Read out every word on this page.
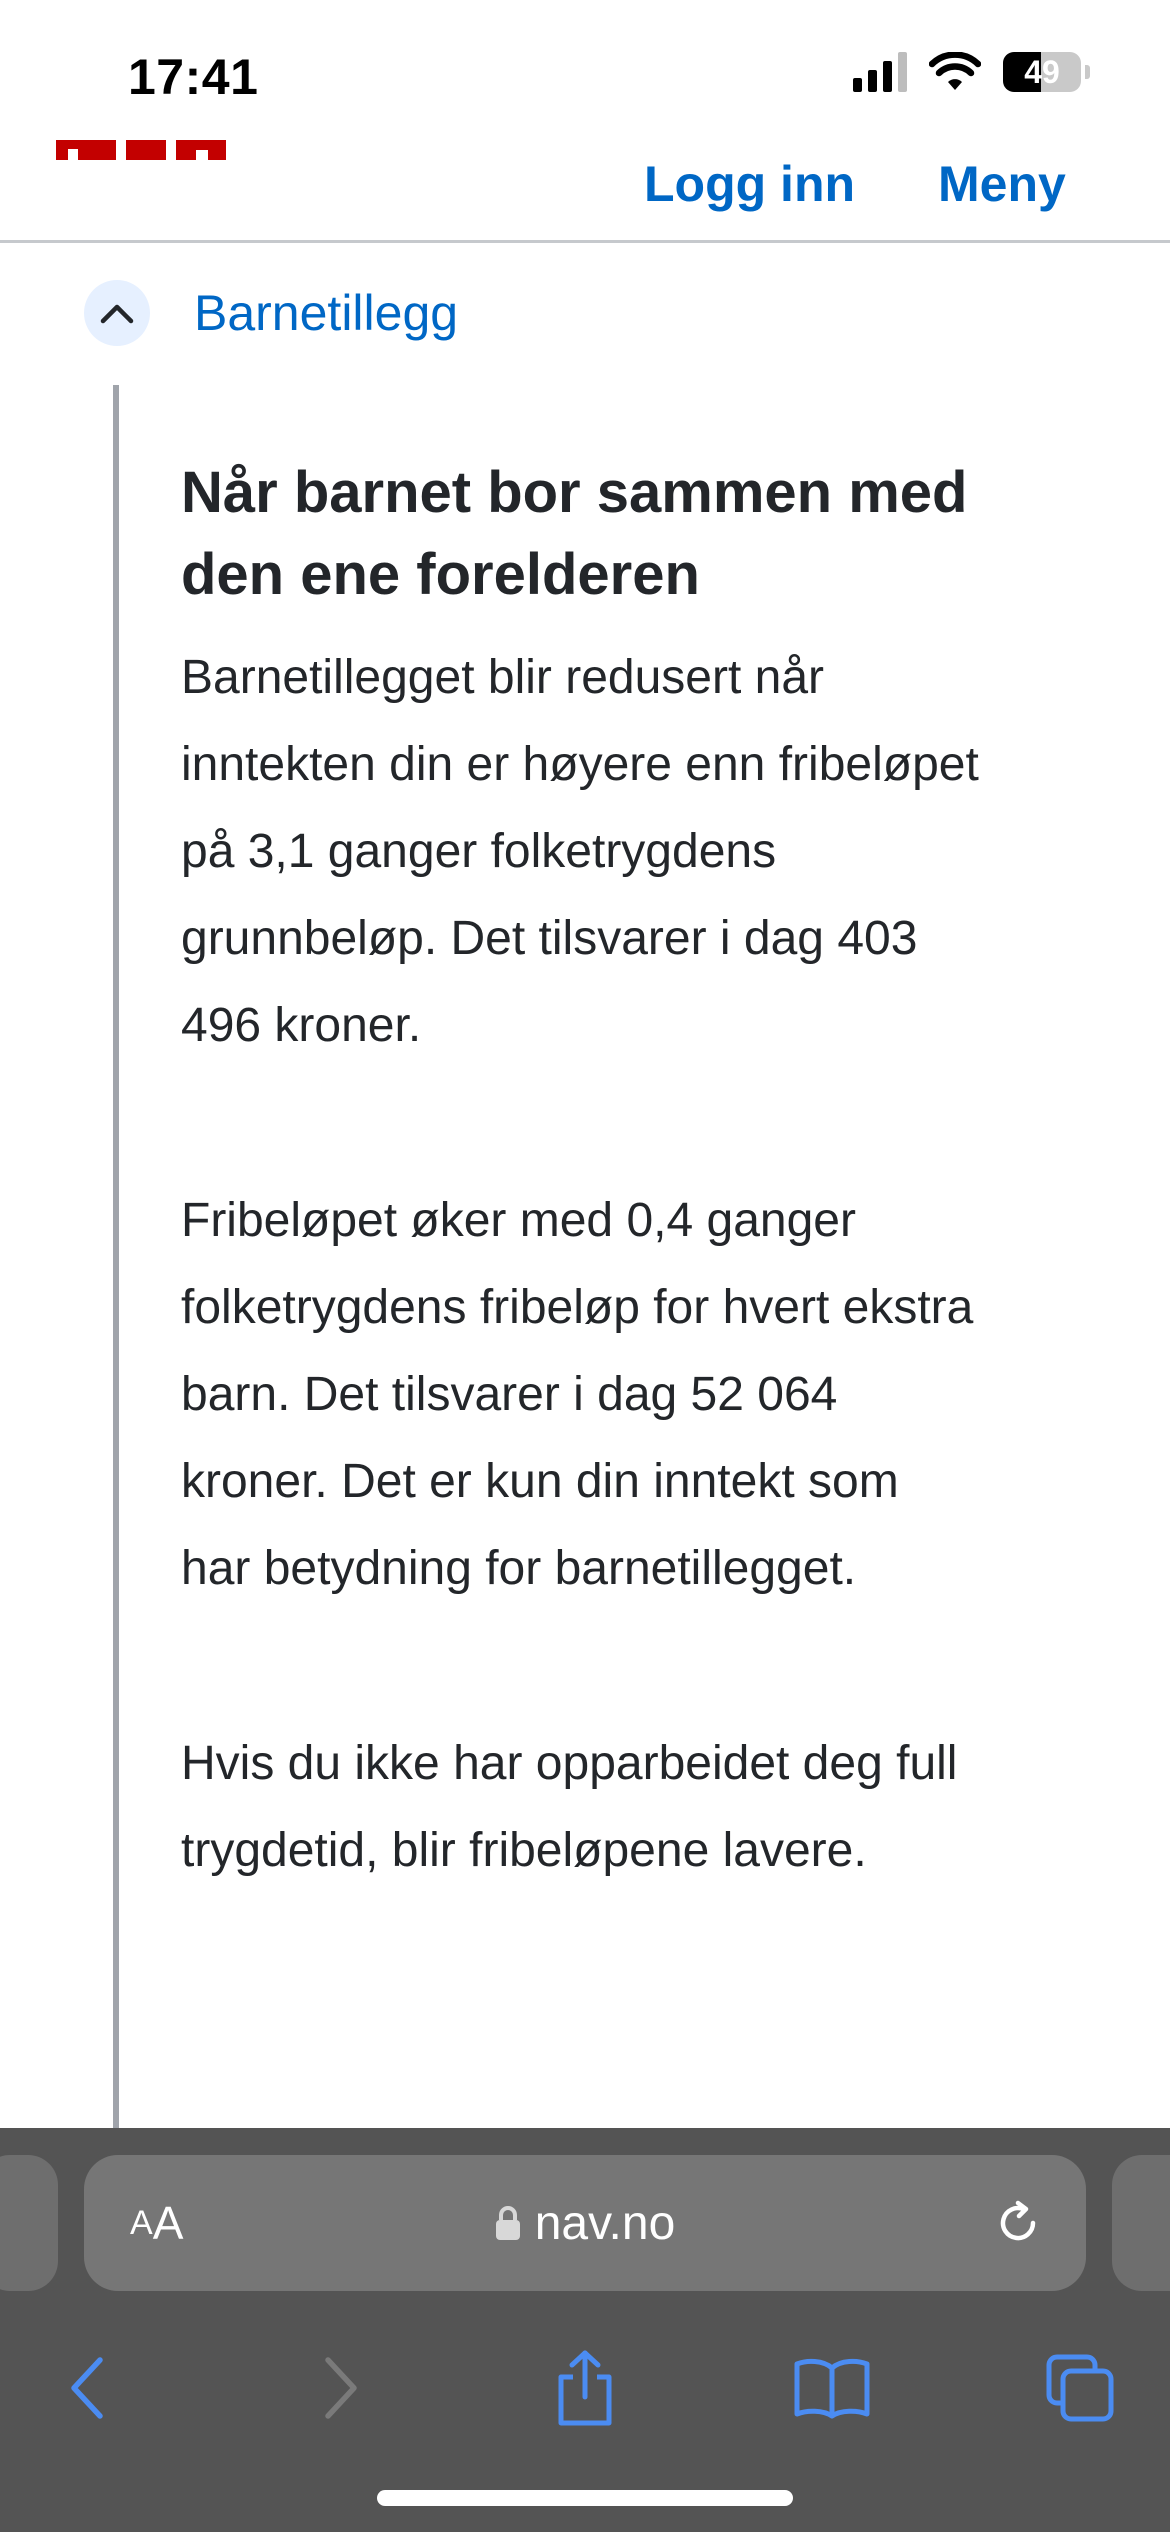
17:41	49
Logg inn Meny
Barnetillegg
Når barnet bor sammen med den ene forelderen

Barnetillegget blir redusert når inntekten din er høyere enn fribeløpet på 3,1 ganger folketrygdens grunnbeløp. Det tilsvarer i dag 403 496 kroner.

Fribeløpet øker med 0,4 ganger folketrygdens fribeløp for hvert ekstra barn. Det tilsvarer i dag 52 064 kroner. Det er kun din inntekt som har betydning for barnetillegget.

Hvis du ikke har opparbeidet deg full trygdetid, blir fribeløpene lavere.

A A	nav.no
